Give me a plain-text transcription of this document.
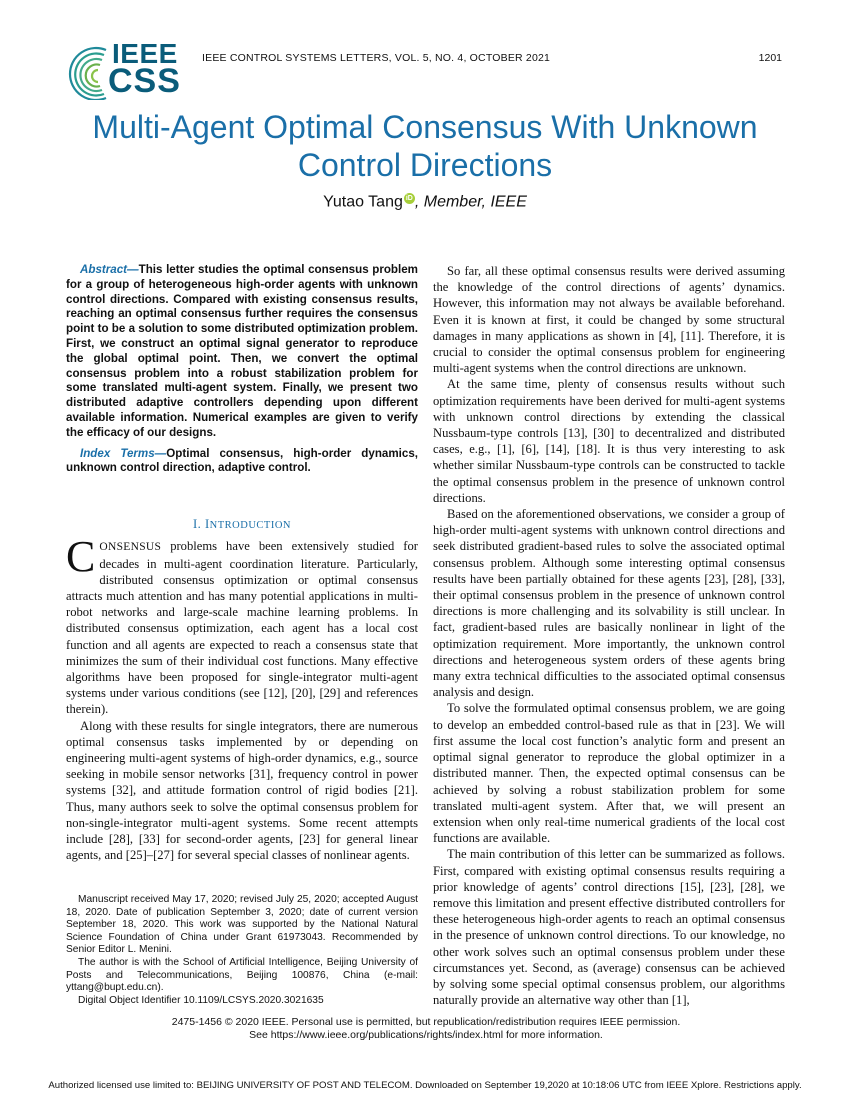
IEEE
CSS
IEEE CONTROL SYSTEMS LETTERS, VOL. 5, NO. 4, OCTOBER 2021	1201
Multi-Agent Optimal Consensus With Unknown Control Directions
Yutao Tang iD , Member, IEEE

Abstract—This letter studies the optimal consensus problem for a group of heterogeneous high-order agents with unknown control directions. Compared with existing consensus results, reaching an optimal consensus further requires the consensus point to be a solution to some distributed optimization problem. First, we construct an optimal signal generator to reproduce the global optimal point. Then, we convert the optimal consensus problem into a robust stabilization problem for some translated multi-agent system. Finally, we present two distributed adaptive controllers depending upon different available information. Numerical examples are given to verify the efficacy of our designs.

Index Terms—Optimal consensus, high-order dynamics, unknown control direction, adaptive control.

I. INTRODUCTION

CONSENSUS problems have been extensively studied for decades in multi-agent coordination literature. Particularly, distributed consensus optimization or optimal consensus attracts much attention and has many potential applications in multi-robot networks and large-scale machine learning problems. In distributed consensus optimization, each agent has a local cost function and all agents are expected to reach a consensus state that minimizes the sum of their individual cost functions. Many effective algorithms have been proposed for single-integrator multi-agent systems under various conditions (see [12], [20], [29] and references therein).

Along with these results for single integrators, there are numerous optimal consensus tasks implemented by or depending on engineering multi-agent systems of high-order dynamics, e.g., source seeking in mobile sensor networks [31], frequency control in power systems [32], and attitude formation control of rigid bodies [21]. Thus, many authors seek to solve the optimal consensus problem for non-single-integrator multi-agent systems. Some recent attempts include [28], [33] for second-order agents, [23] for general linear agents, and [25]–[27] for several special classes of nonlinear agents.

Manuscript received May 17, 2020; revised July 25, 2020; accepted August 18, 2020. Date of publication September 3, 2020; date of current version September 18, 2020. This work was supported by the National Natural Science Foundation of China under Grant 61973043. Recommended by Senior Editor L. Menini.

The author is with the School of Artificial Intelligence, Beijing University of Posts and Telecommunications, Beijing 100876, China (e-mail: yttang@bupt.edu.cn).

Digital Object Identifier 10.1109/LCSYS.2020.3021635

So far, all these optimal consensus results were derived assuming the knowledge of the control directions of agents’ dynamics. However, this information may not always be available beforehand. Even it is known at first, it could be changed by some structural damages in many applications as shown in [4], [11]. Therefore, it is crucial to consider the optimal consensus problem for engineering multi-agent systems when the control directions are unknown.

At the same time, plenty of consensus results without such optimization requirements have been derived for multi-agent systems with unknown control directions by extending the classical Nussbaum-type controls [13], [30] to decentralized and distributed cases, e.g., [1], [6], [14], [18]. It is thus very interesting to ask whether similar Nussbaum-type controls can be constructed to tackle the optimal consensus problem in the presence of unknown control directions.

Based on the aforementioned observations, we consider a group of high-order multi-agent systems with unknown control directions and seek distributed gradient-based rules to solve the associated optimal consensus problem. Although some interesting optimal consensus results have been partially obtained for these agents [23], [28], [33], their optimal consensus problem in the presence of unknown control directions is more challenging and its solvability is still unclear. In fact, gradient-based rules are basically nonlinear in light of the optimization requirement. More importantly, the unknown control directions and heterogeneous system orders of these agents bring many extra technical difficulties to the associated optimal consensus analysis and design.

To solve the formulated optimal consensus problem, we are going to develop an embedded control-based rule as that in [23]. We will first assume the local cost function’s analytic form and present an optimal signal generator to reproduce the global optimizer in a distributed manner. Then, the expected optimal consensus can be achieved by solving a robust stabilization problem for some translated multi-agent system. After that, we will present an extension when only real-time numerical gradients of the local cost functions are available.

The main contribution of this letter can be summarized as follows. First, compared with existing optimal consensus results requiring a prior knowledge of agents’ control directions [15], [23], [28], we remove this limitation and present effective distributed controllers for these heterogeneous high-order agents to reach an optimal consensus in the presence of unknown control directions. To our knowledge, no other work solves such an optimal consensus problem under these circumstances yet. Second, as (average) consensus can be achieved by solving some special optimal consensus problem, our algorithms naturally provide an alternative way other than [1],

2475-1456 © 2020 IEEE. Personal use is permitted, but republication/redistribution requires IEEE permission.
See https://www.ieee.org/publications/rights/index.html for more information.
Authorized licensed use limited to: BEIJING UNIVERSITY OF POST AND TELECOM. Downloaded on September 19,2020 at 10:18:06 UTC from IEEE Xplore. Restrictions apply.
